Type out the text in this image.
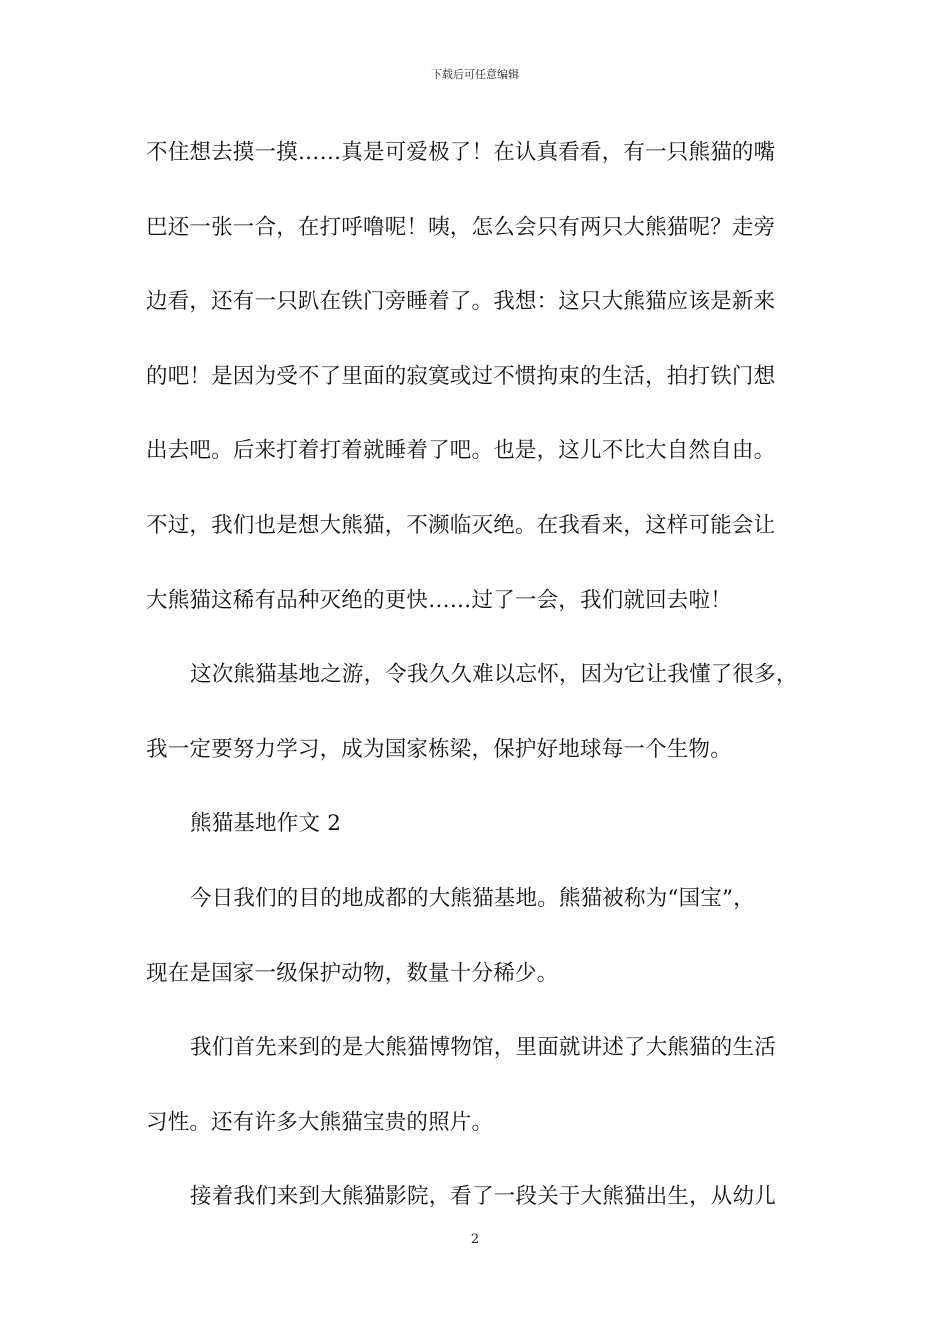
下载后可任意编辑
不住想去摸一摸……真是可爱极了！在认真看看，有一只熊猫的嘴
巴还一张一合，在打呼噜呢！咦，怎么会只有两只大熊猫呢？走旁
边看，还有一只趴在铁门旁睡着了。我想：这只大熊猫应该是新来
的吧！是因为受不了里面的寂寞或过不惯拘束的生活，拍打铁门想
出去吧。后来打着打着就睡着了吧。也是，这儿不比大自然自由。
不过，我们也是想大熊猫，不濒临灭绝。在我看来，这样可能会让
大熊猫这稀有品种灭绝的更快……过了一会，我们就回去啦！
这次熊猫基地之游，令我久久难以忘怀，因为它让我懂了很多，
我一定要努力学习，成为国家栋梁，保护好地球每一个生物。
熊猫基地作文 2
今日我们的目的地成都的大熊猫基地。熊猫被称为“国宝”，
现在是国家一级保护动物，数量十分稀少。
我们首先来到的是大熊猫博物馆，里面就讲述了大熊猫的生活
习性。还有许多大熊猫宝贵的照片。
接着我们来到大熊猫影院，看了一段关于大熊猫出生，从幼儿
2
